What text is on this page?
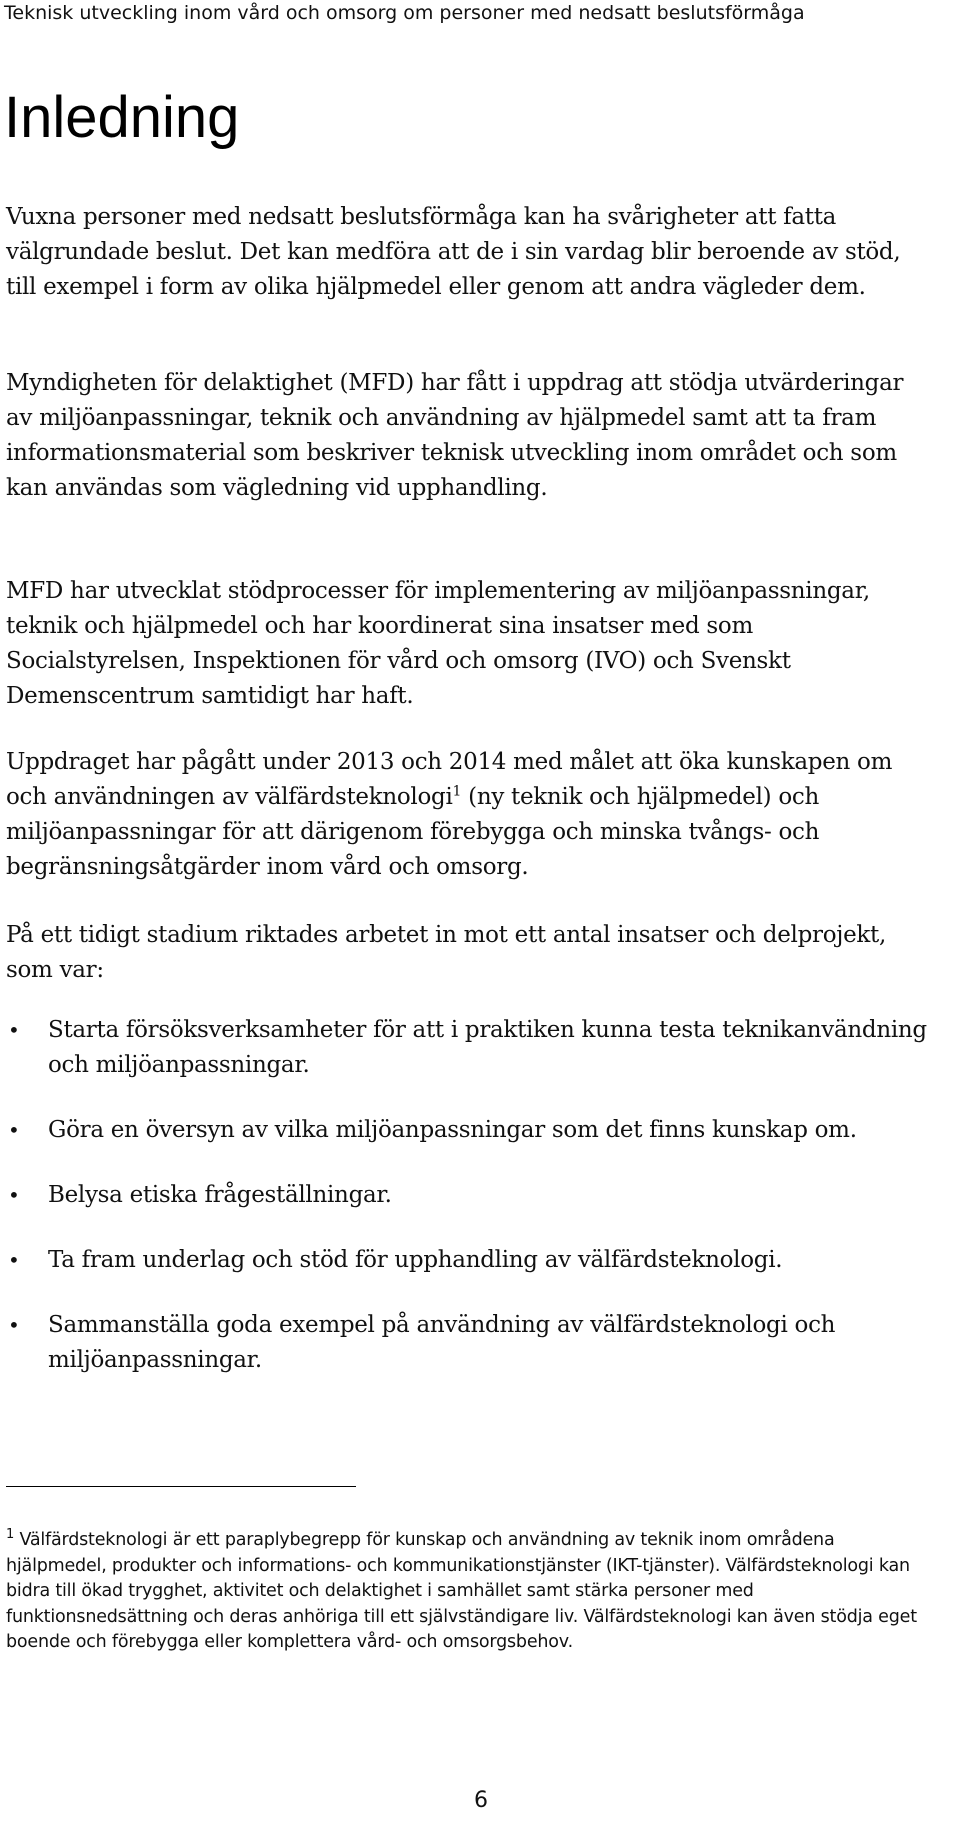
Teknisk utveckling inom vård och omsorg om personer med nedsatt beslutsförmåga
Inledning

Vuxna personer med nedsatt beslutsförmåga kan ha svårigheter att fatta välgrundade beslut. Det kan medföra att de i sin vardag blir beroende av stöd, till exempel i form av olika hjälpmedel eller genom att andra vägleder dem.

Myndigheten för delaktighet (MFD) har fått i uppdrag att stödja utvärderingar av miljöanpassningar, teknik och användning av hjälpmedel samt att ta fram informationsmaterial som beskriver teknisk utveckling inom området och som kan användas som vägledning vid upphandling.

MFD har utvecklat stödprocesser för implementering av miljöanpassningar, teknik och hjälpmedel och har koordinerat sina insatser med som Socialstyrelsen, Inspektionen för vård och omsorg (IVO) och Svenskt Demenscentrum samtidigt har haft.

Uppdraget har pågått under 2013 och 2014 med målet att öka kunskapen om och användningen av välfärdsteknologi$^1$ (ny teknik och hjälpmedel) och miljöanpassningar för att därigenom förebygga och minska tvångs- och begränsningsåtgärder inom vård och omsorg.

På ett tidigt stadium riktades arbetet in mot ett antal insatser och delprojekt, som var:

• Starta försöksverksamheter för att i praktiken kunna testa teknikanvändning och miljöanpassningar.
• Göra en översyn av vilka miljöanpassningar som det finns kunskap om.
• Belysa etiska frågeställningar.
• Ta fram underlag och stöd för upphandling av välfärdsteknologi.
• Sammanställa goda exempel på användning av välfärdsteknologi och miljöanpassningar.

$^1$ Välfärdsteknologi är ett paraplybegrepp för kunskap och användning av teknik inom områdena hjälpmedel, produkter och informations- och kommunikationstjänster (IKT-tjänster). Välfärdsteknologi kan bidra till ökad trygghet, aktivitet och delaktighet i samhället samt stärka personer med funktionsnedsättning och deras anhöriga till ett självständigare liv. Välfärdsteknologi kan även stödja eget boende och förebygga eller komplettera vård- och omsorgsbehov.

6
